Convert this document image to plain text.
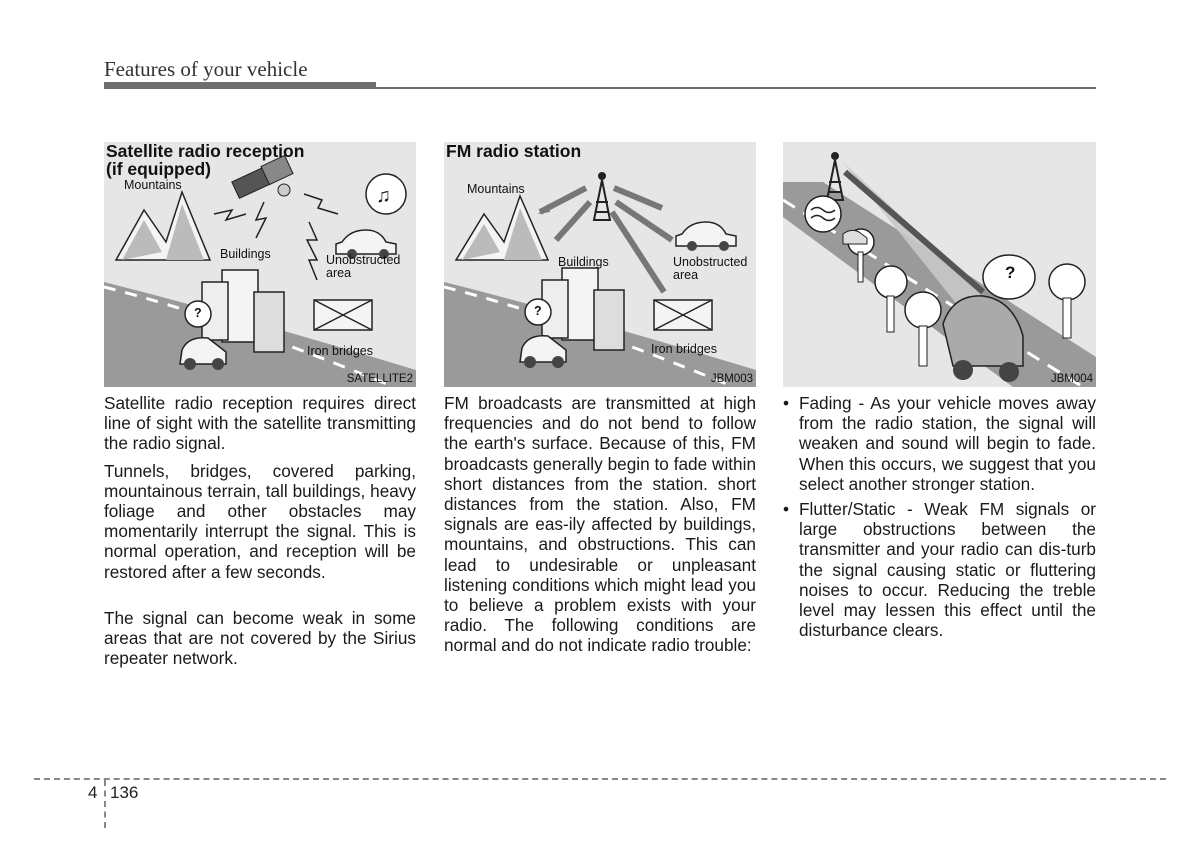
Features of your vehicle
♫
Satellite radio reception
(if equipped)
Mountains
Buildings	Unobstructed
area
Iron bridges
?
SATELLITE2
FM radio station
Mountains
Buildings	Unobstructed
area
Iron bridges
?
JBM003
?
JBM004

Satellite radio reception requires direct line of sight with the satellite transmitting the radio signal.

Tunnels, bridges, covered parking, mountainous terrain, tall buildings, heavy foliage and other obstacles may momentarily interrupt the signal. This is normal operation, and reception will be restored after a few seconds.

The signal can become weak in some areas that are not covered by the Sirius repeater network.

FM broadcasts are transmitted at high frequencies and do not bend to follow the earth's surface. Because of this, FM broadcasts generally begin to fade within short distances from the station. short distances from the station. Also, FM signals are eas-ily affected by buildings, mountains, and obstructions. This can lead to undesirable or unpleasant listening conditions which might lead you to believe a problem exists with your radio. The following conditions are normal and do not indicate radio trouble:

• Fading - As your vehicle moves away from the radio station, the signal will weaken and sound will begin to fade. When this occurs, we suggest that you select another stronger station.
• Flutter/Static - Weak FM signals or large obstructions between the transmitter and your radio can dis-turb the signal causing static or fluttering noises to occur. Reducing the treble level may lessen this effect until the disturbance clears.
4 136
